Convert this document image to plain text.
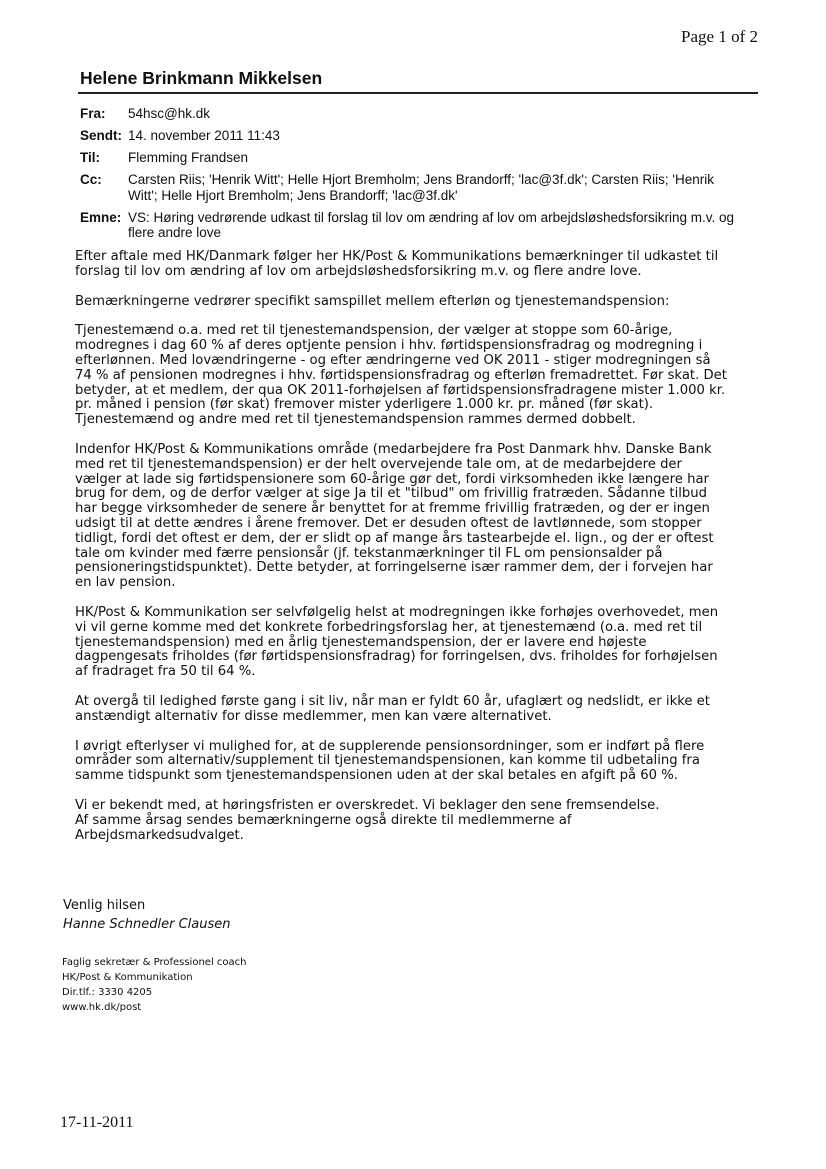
Page 1 of 2
Helene Brinkmann Mikkelsen
Fra:	54hsc@hk.dk
Sendt: 14. november 2011 11:43
Til:	Flemming Frandsen
Cc:	Carsten Riis; 'Henrik Witt'; Helle Hjort Bremholm; Jens Brandorff; 'lac@3f.dk'; Carsten Riis; 'Henrik Witt'; Helle Hjort Bremholm; Jens Brandorff; 'lac@3f.dk'
Emne: VS: Høring vedrørende udkast til forslag til lov om ændring af lov om arbejdsløshedsforsikring m.v. og flere andre love

Efter aftale med HK/Danmark følger her HK/Post & Kommunikations bemærkninger til udkastet til forslag til lov om ændring af lov om arbejdsløshedsforsikring m.v. og flere andre love.

Bemærkningerne vedrører specifikt samspillet mellem efterløn og tjenestemandspension:

Tjenestemænd o.a. med ret til tjenestemandspension, der vælger at stoppe som 60-årige, modregnes i dag 60 % af deres optjente pension i hhv. førtidspensionsfradrag og modregning i efterlønnen. Med lovændringerne - og efter ændringerne ved OK 2011 - stiger modregningen så 74 % af pensionen modregnes i hhv. førtidspensionsfradrag og efterløn fremadrettet. Før skat. Det betyder, at et medlem, der qua OK 2011-forhøjelsen af førtidspensionsfradragene mister 1.000 kr. pr. måned i pension (før skat) fremover mister yderligere 1.000 kr. pr. måned (før skat). Tjenestemænd og andre med ret til tjenestemandspension rammes dermed dobbelt.

Indenfor HK/Post & Kommunikations område (medarbejdere fra Post Danmark hhv. Danske Bank med ret til tjenestemandspension) er der helt overvejende tale om, at de medarbejdere der vælger at lade sig førtidspensionere som 60-årige gør det, fordi virksomheden ikke længere har brug for dem, og de derfor vælger at sige Ja til et "tilbud" om frivillig fratræden. Sådanne tilbud har begge virksomheder de senere år benyttet for at fremme frivillig fratræden, og der er ingen udsigt til at dette ændres i årene fremover. Det er desuden oftest de lavtlønnede, som stopper tidligt, fordi det oftest er dem, der er slidt op af mange års tastearbejde el. lign., og der er oftest tale om kvinder med færre pensionsår (jf. tekstanmærkninger til FL om pensionsalder på pensioneringstidspunktet). Dette betyder, at forringelserne især rammer dem, der i forvejen har en lav pension.

HK/Post & Kommunikation ser selvfølgelig helst at modregningen ikke forhøjes overhovedet, men vi vil gerne komme med det konkrete forbedringsforslag her, at tjenestemænd (o.a. med ret til tjenestemandspension) med en årlig tjenestemandspension, der er lavere end højeste dagpengesats friholdes (før førtidspensionsfradrag) for forringelsen, dvs. friholdes for forhøjelsen af fradraget fra 50 til 64 %.

At overgå til ledighed første gang i sit liv, når man er fyldt 60 år, ufaglært og nedslidt, er ikke et anstændigt alternativ for disse medlemmer, men kan være alternativet.

I øvrigt efterlyser vi mulighed for, at de supplerende pensionsordninger, som er indført på flere områder som alternativ/supplement til tjenestemandspensionen, kan komme til udbetaling fra samme tidspunkt som tjenestemandspensionen uden at der skal betales en afgift på 60 %.

Vi er bekendt med, at høringsfristen er overskredet. Vi beklager den sene fremsendelse.
Af samme årsag sendes bemærkningerne også direkte til medlemmerne af Arbejdsmarkedsudvalget.

Venlig hilsen
Hanne Schnedler Clausen
Faglig sekretær & Professionel coach
HK/Post & Kommunikation
Dir.tlf.: 3330 4205
www.hk.dk/post
17-11-2011
